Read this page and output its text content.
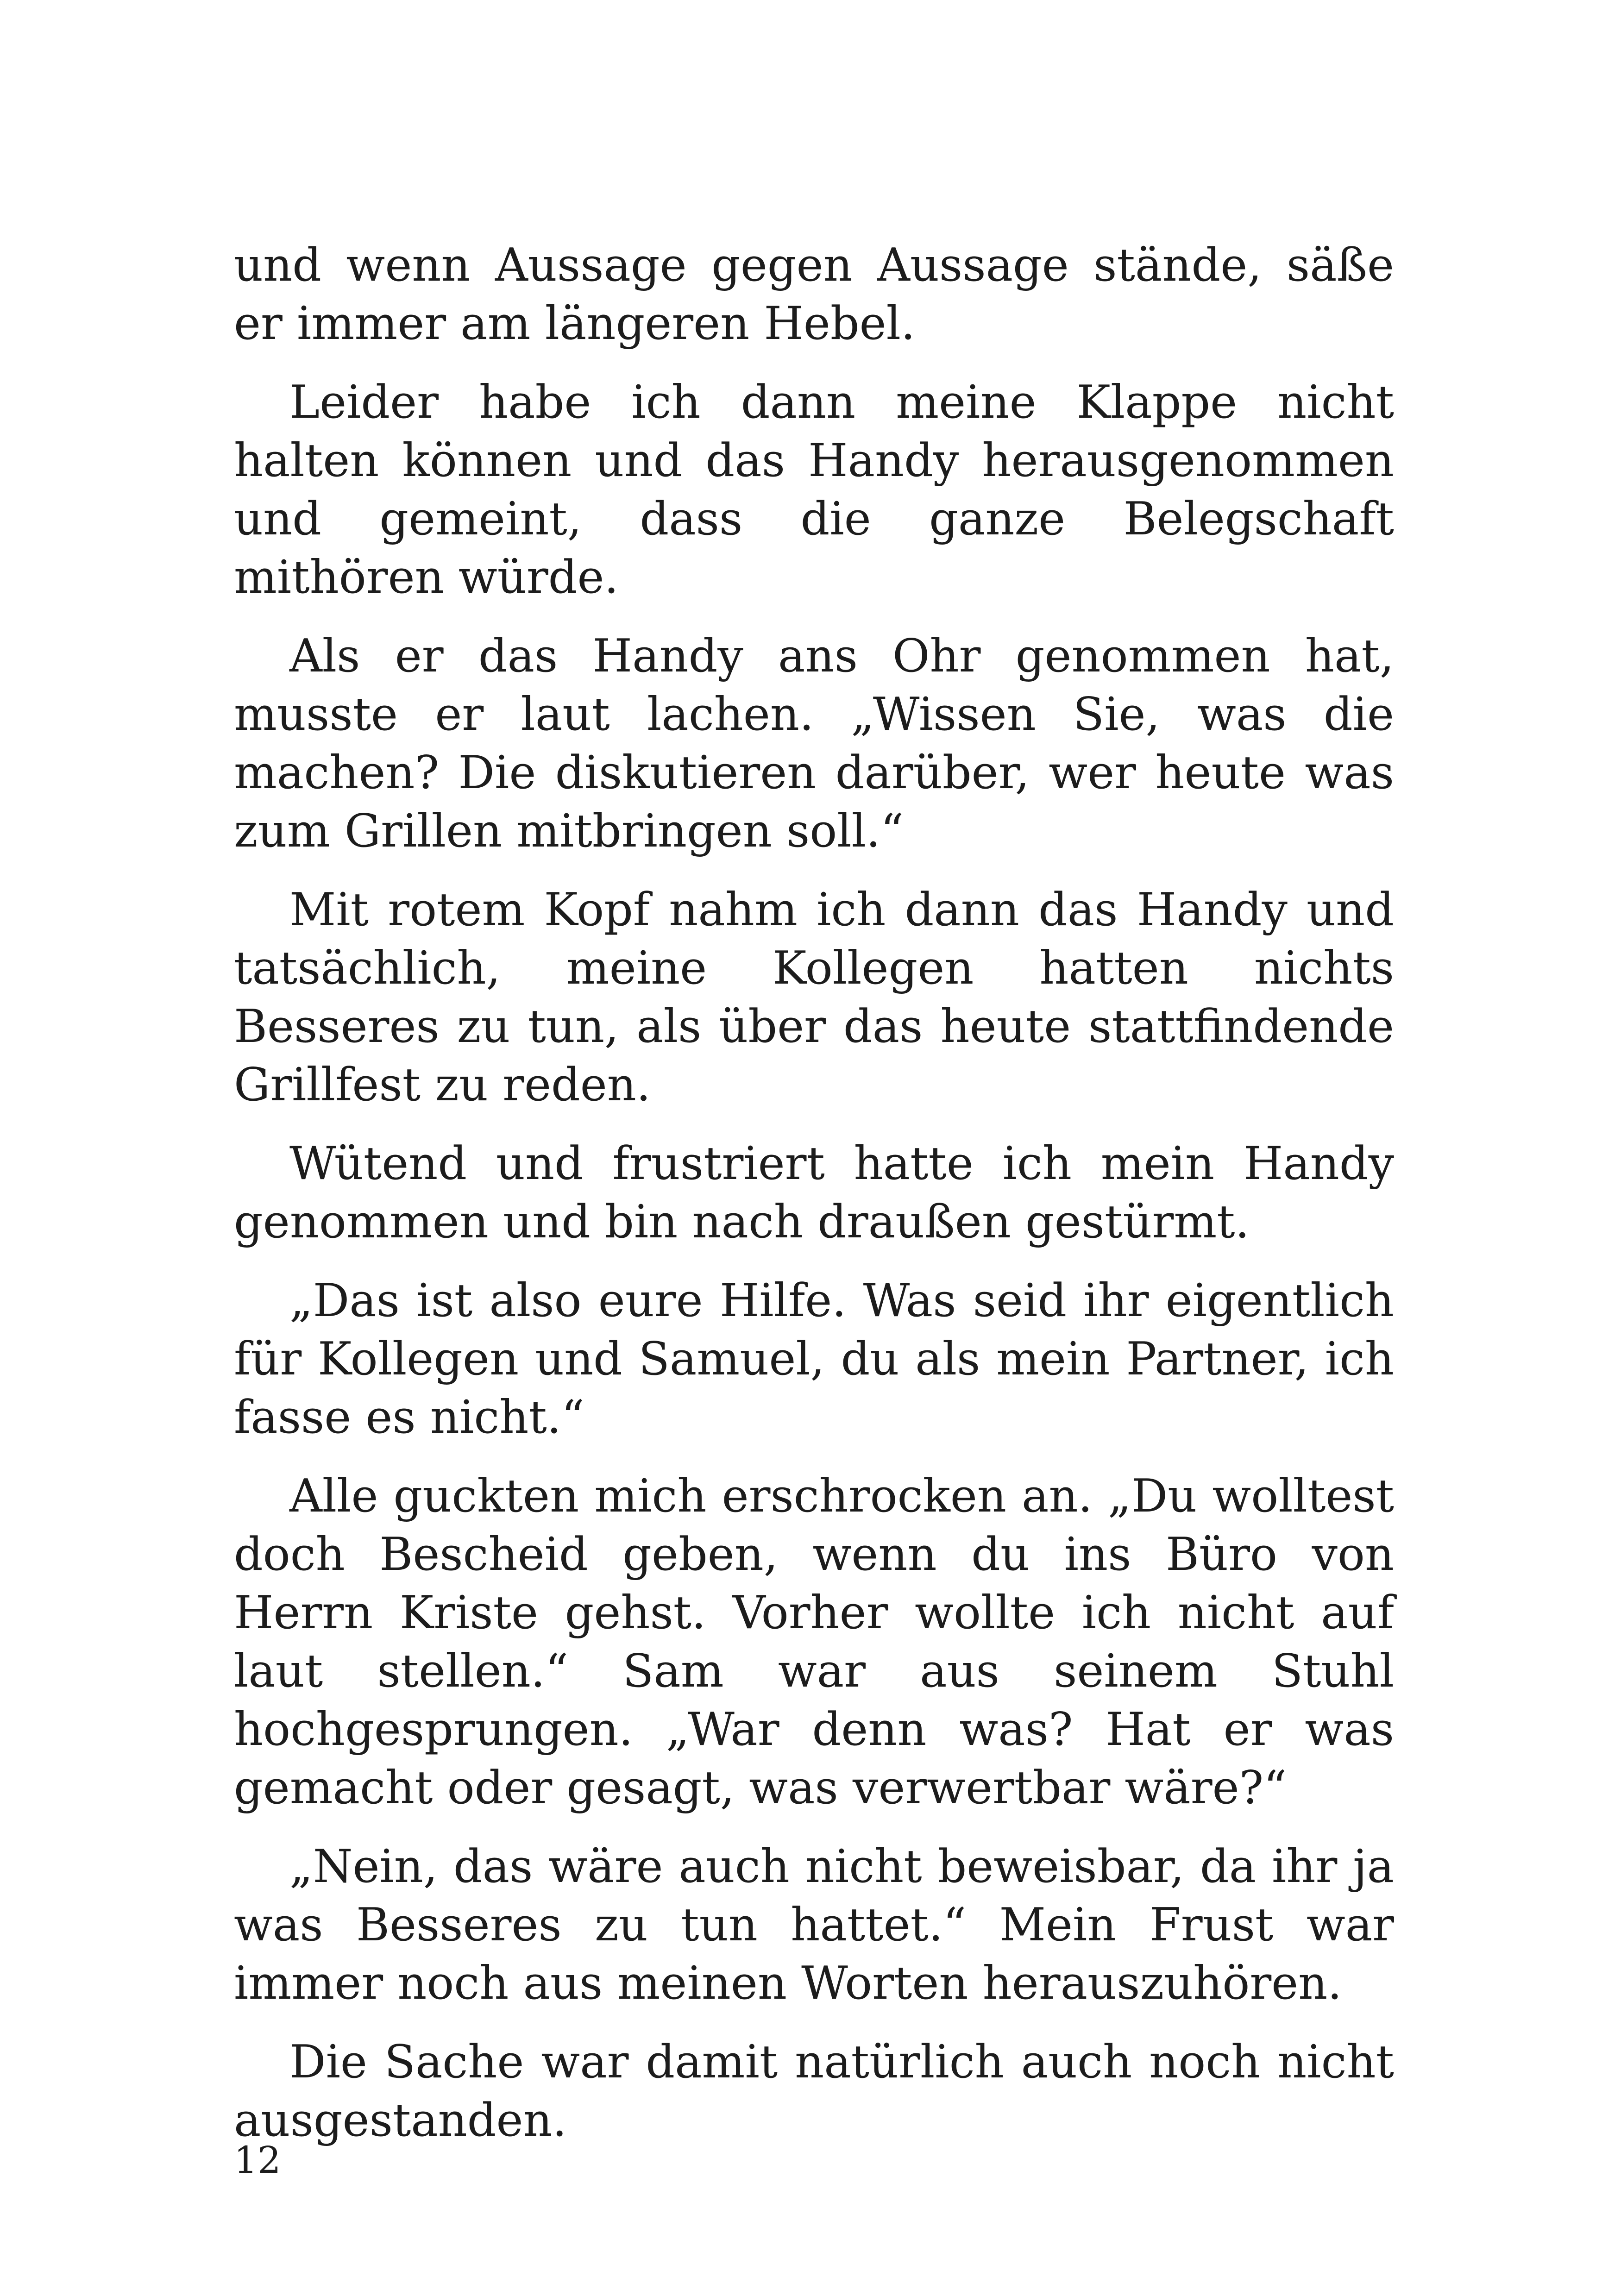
und wenn Aussage gegen Aussage stände, säße er immer am längeren Hebel.

Leider habe ich dann meine Klappe nicht halten können und das Handy herausgenommen und gemeint, dass die ganze Belegschaft mithören würde.

Als er das Handy ans Ohr genommen hat, musste er laut lachen. „Wissen Sie, was die machen? Die diskutieren darüber, wer heute was zum Grillen mitbringen soll.“

Mit rotem Kopf nahm ich dann das Handy und tatsächlich, meine Kollegen hatten nichts Besseres zu tun, als über das heute stattfindende Grillfest zu reden.

Wütend und frustriert hatte ich mein Handy genommen und bin nach draußen gestürmt.

„Das ist also eure Hilfe. Was seid ihr eigentlich für Kollegen und Samuel, du als mein Partner, ich fasse es nicht.“

Alle guckten mich erschrocken an. „Du wolltest doch Bescheid geben, wenn du ins Büro von Herrn Kriste gehst. Vorher wollte ich nicht auf laut stellen.“ Sam war aus seinem Stuhl hochgesprungen. „War denn was? Hat er was gemacht oder gesagt, was verwertbar wäre?“

„Nein, das wäre auch nicht beweisbar, da ihr ja was Besseres zu tun hattet.“ Mein Frust war immer noch aus meinen Worten herauszuhören.

Die Sache war damit natürlich auch noch nicht ausgestanden.

12
